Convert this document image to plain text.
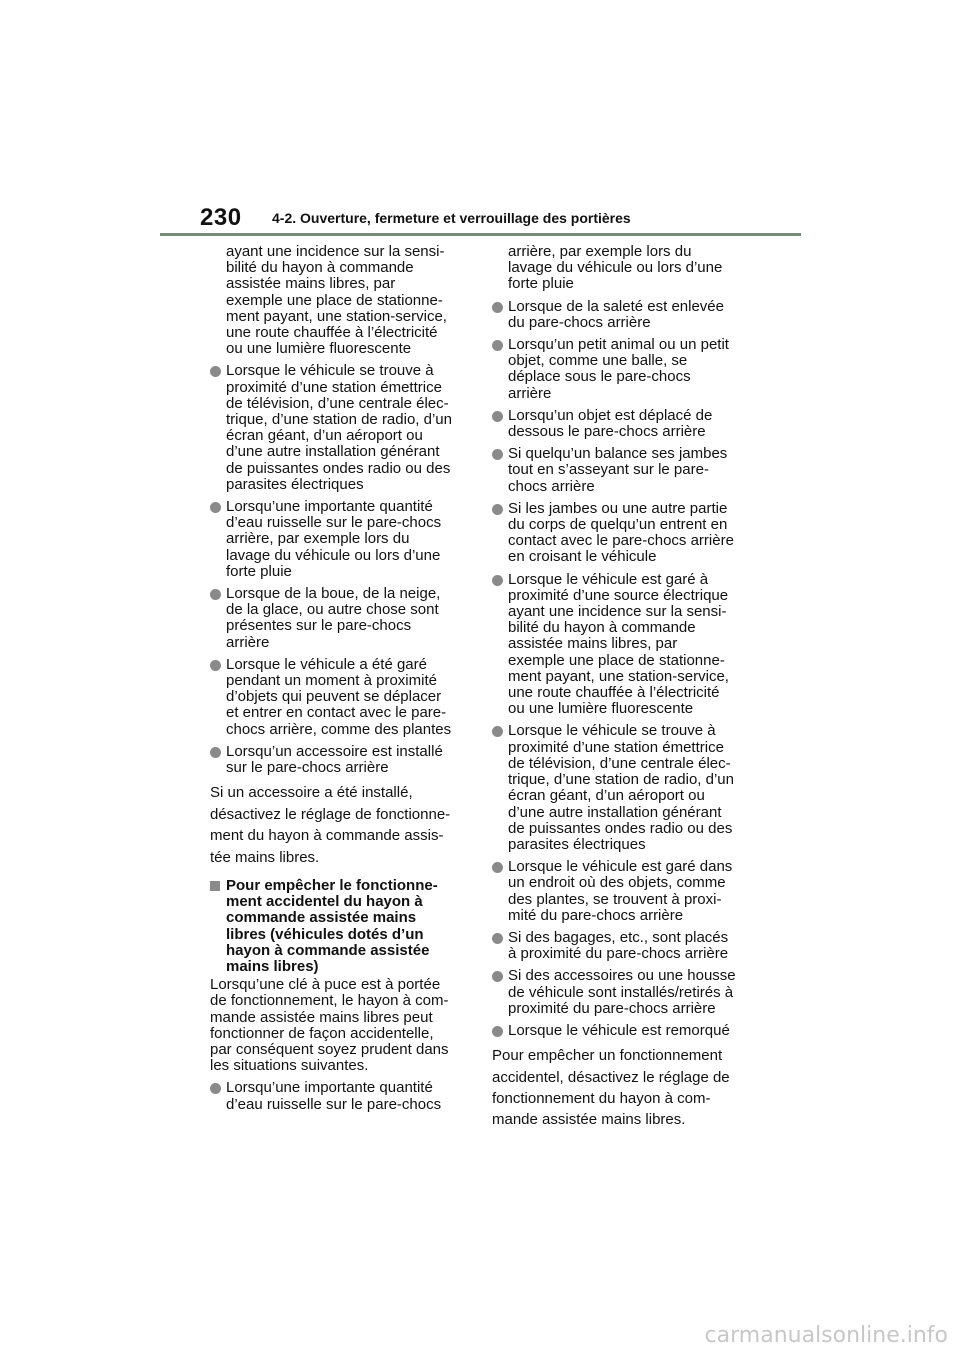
230 4-2. Ouverture, fermeture et verrouillage des portières
ayant une incidence sur la sensi-
bilité du hayon à commande
assistée mains libres, par
exemple une place de stationne-
ment payant, une station-service,
une route chauffée à l’électricité
ou une lumière fluorescente
Lorsque le véhicule se trouve à
proximité d’une station émettrice
de télévision, d’une centrale élec-
trique, d’une station de radio, d’un
écran géant, d’un aéroport ou
d’une autre installation générant
de puissantes ondes radio ou des
parasites électriques
Lorsqu’une importante quantité
d’eau ruisselle sur le pare-chocs
arrière, par exemple lors du
lavage du véhicule ou lors d’une
forte pluie
Lorsque de la boue, de la neige,
de la glace, ou autre chose sont
présentes sur le pare-chocs
arrière
Lorsque le véhicule a été garé
pendant un moment à proximité
d’objets qui peuvent se déplacer
et entrer en contact avec le pare-
chocs arrière, comme des plantes
Lorsqu’un accessoire est installé
sur le pare-chocs arrière
Si un accessoire a été installé,
désactivez le réglage de fonctionne-
ment du hayon à commande assis-
tée mains libres.
Pour empêcher le fonctionne-
ment accidentel du hayon à
commande assistée mains
libres (véhicules dotés d’un
hayon à commande assistée
mains libres)
Lorsqu’une clé à puce est à portée
de fonctionnement, le hayon à com-
mande assistée mains libres peut
fonctionner de façon accidentelle,
par conséquent soyez prudent dans
les situations suivantes.
Lorsqu’une importante quantité
d’eau ruisselle sur le pare-chocs
arrière, par exemple lors du
lavage du véhicule ou lors d’une
forte pluie
Lorsque de la saleté est enlevée
du pare-chocs arrière
Lorsqu’un petit animal ou un petit
objet, comme une balle, se
déplace sous le pare-chocs
arrière
Lorsqu’un objet est déplacé de
dessous le pare-chocs arrière
Si quelqu’un balance ses jambes
tout en s’asseyant sur le pare-
chocs arrière
Si les jambes ou une autre partie
du corps de quelqu’un entrent en
contact avec le pare-chocs arrière
en croisant le véhicule
Lorsque le véhicule est garé à
proximité d’une source électrique
ayant une incidence sur la sensi-
bilité du hayon à commande
assistée mains libres, par
exemple une place de stationne-
ment payant, une station-service,
une route chauffée à l’électricité
ou une lumière fluorescente
Lorsque le véhicule se trouve à
proximité d’une station émettrice
de télévision, d’une centrale élec-
trique, d’une station de radio, d’un
écran géant, d’un aéroport ou
d’une autre installation générant
de puissantes ondes radio ou des
parasites électriques
Lorsque le véhicule est garé dans
un endroit où des objets, comme
des plantes, se trouvent à proxi-
mité du pare-chocs arrière
Si des bagages, etc., sont placés
à proximité du pare-chocs arrière
Si des accessoires ou une housse
de véhicule sont installés/retirés à
proximité du pare-chocs arrière
Lorsque le véhicule est remorqué
Pour empêcher un fonctionnement
accidentel, désactivez le réglage de
fonctionnement du hayon à com-
mande assistée mains libres.
carmanualsonline.info
